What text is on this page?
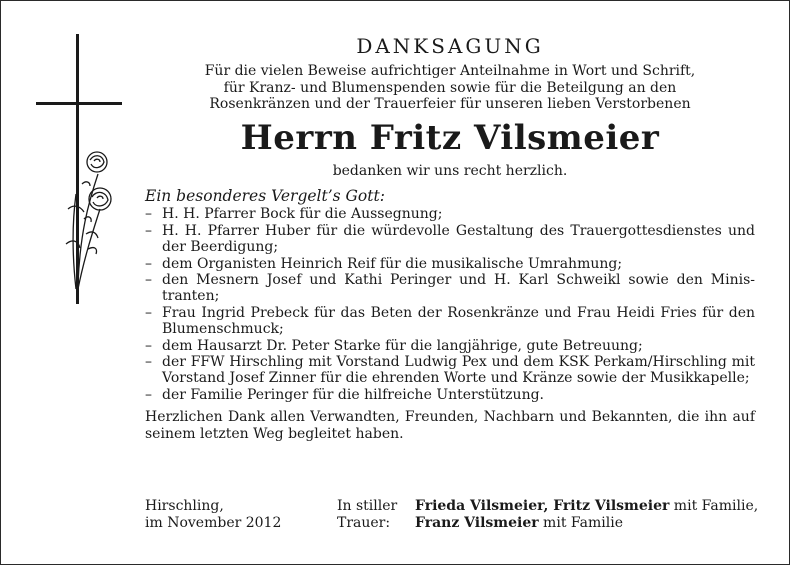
DANKSAGUNG
Für die vielen Beweise aufrichtiger Anteilnahme in Wort und Schrift,
für Kranz- und Blumenspenden sowie für die Beteilgung an den
Rosenkränzen und der Trauerfeier für unseren lieben Verstorbenen
Herrn Fritz Vilsmeier
bedanken wir uns recht herzlich.
Ein besonderes Vergelt’s Gott:
– H. H. Pfarrer Bock für die Aussegnung;
– H. H. Pfarrer Huber für die würdevolle Gestaltung des Trauergottesdienstes und der Beerdigung;
– dem Organisten Heinrich Reif für die musikalische Umrahmung;
– den Mesnern Josef und Kathi Peringer und H. Karl Schweikl sowie den Ministranten;
– Frau Ingrid Prebeck für das Beten der Rosenkränze und Frau Heidi Fries für den Blumenschmuck;
– dem Hausarzt Dr. Peter Starke für die langjährige, gute Betreuung;
– der FFW Hirschling mit Vorstand Ludwig Pex und dem KSK Perkam/Hirschling mit Vorstand Josef Zinner für die ehrenden Worte und Kränze sowie der Musikkapelle;
– der Familie Peringer für die hilfreiche Unterstützung.
Herzlichen Dank allen Verwandten, Freunden, Nachbarn und Bekannten, die ihn auf seinem letzten Weg begleitet haben.
Hirschling,
im November 2012
In stiller
Trauer:
Frieda Vilsmeier, Fritz Vilsmeier mit Familie,
Franz Vilsmeier mit Familie
